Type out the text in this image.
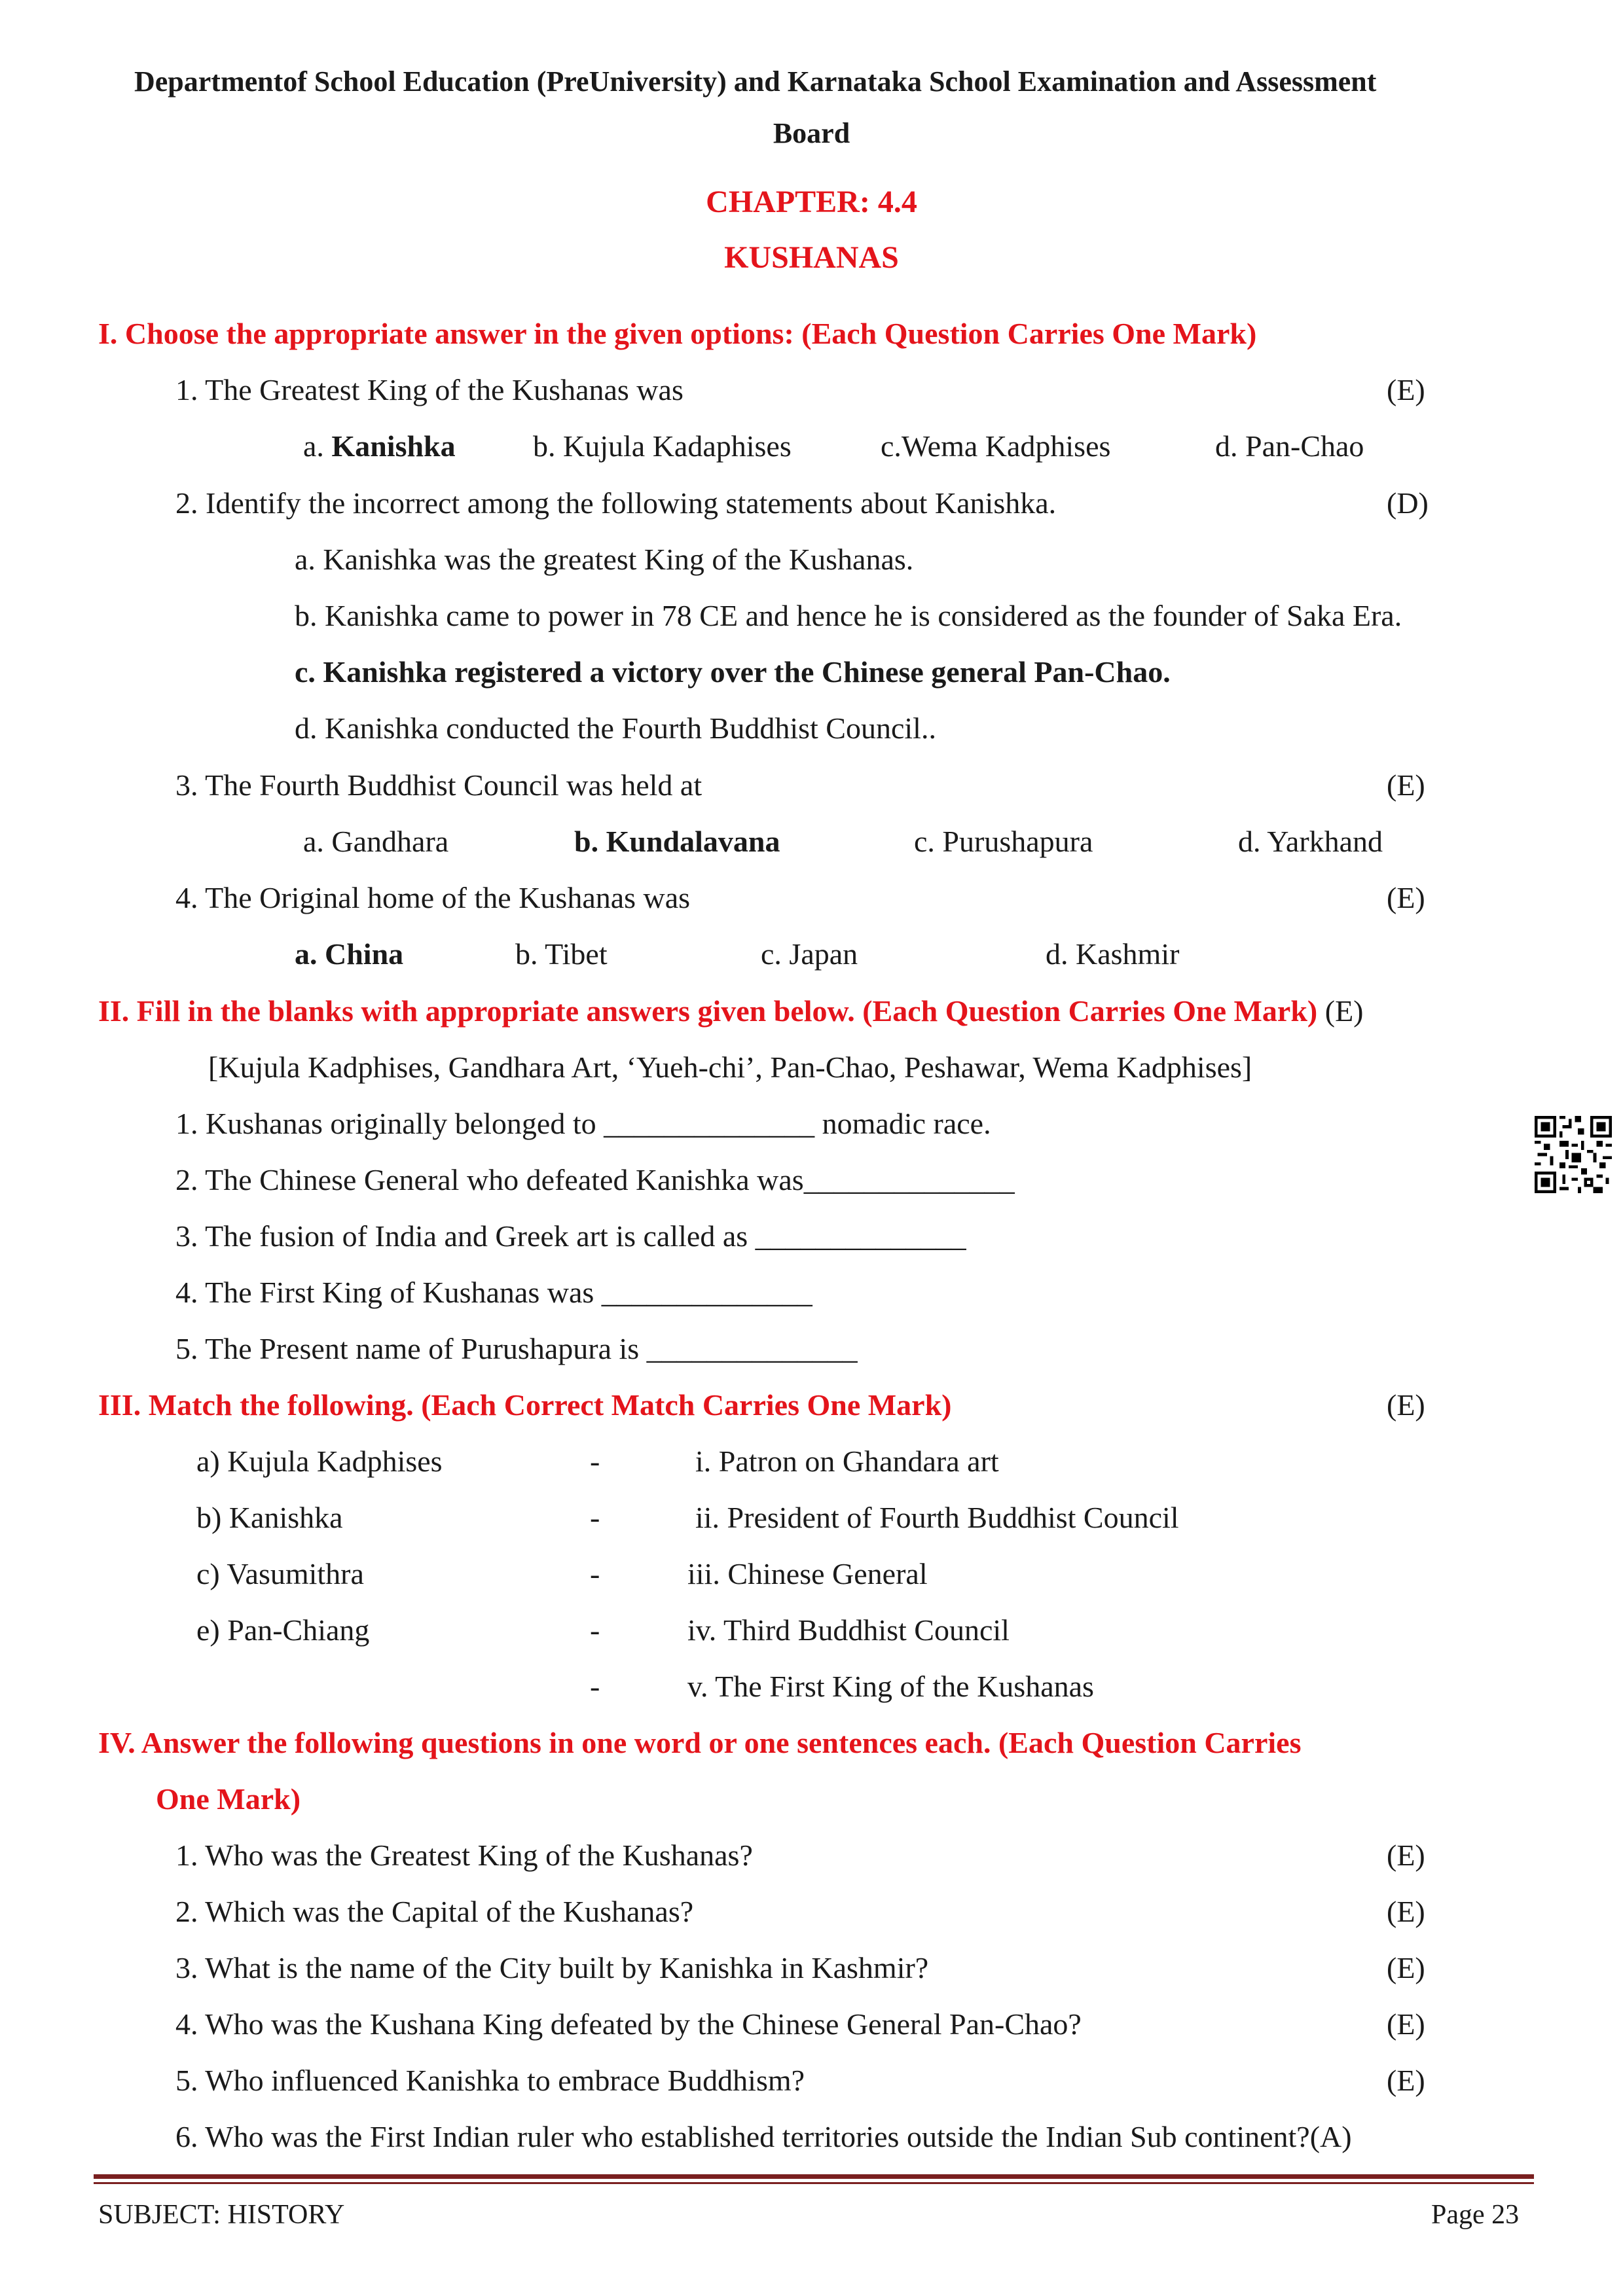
Departmentof School Education (PreUniversity) and Karnataka School Examination and Assessment
Board
CHAPTER: 4.4
KUSHANAS
I. Choose the appropriate answer in the given options: (Each Question Carries One Mark)
1. The Greatest King of the Kushanas was	(E)
a. Kanishka	b. Kujula Kadaphises	c.Wema Kadphises	d. Pan-Chao
2. Identify the incorrect among the following statements about Kanishka.	(D)
a. Kanishka was the greatest King of the Kushanas.
b. Kanishka came to power in 78 CE and hence he is considered as the founder of Saka Era.
c. Kanishka registered a victory over the Chinese general Pan-Chao.
d. Kanishka conducted the Fourth Buddhist Council..
3. The Fourth Buddhist Council was held at	(E)
a. Gandhara	b. Kundalavana	c. Purushapura	d. Yarkhand
4. The Original home of the Kushanas was	(E)
a. China	b. Tibet	c. Japan	d. Kashmir
II. Fill in the blanks with appropriate answers given below. (Each Question Carries One Mark) (E)
[Kujula Kadphises, Gandhara Art, ‘Yueh-chi’, Pan-Chao, Peshawar, Wema Kadphises]
1. Kushanas originally belonged to ______________ nomadic race.
2. The Chinese General who defeated Kanishka was______________
3. The fusion of India and Greek art is called as ______________
4. The First King of Kushanas was ______________
5. The Present name of Purushapura is ______________
III. Match the following. (Each Correct Match Carries One Mark)	(E)
a) Kujula Kadphises	-	i. Patron on Ghandara art
b) Kanishka	-	ii. President of Fourth Buddhist Council
c) Vasumithra	-	iii. Chinese General
e) Pan-Chiang	-	iv. Third Buddhist Council
-	v. The First King of the Kushanas
IV. Answer the following questions in one word or one sentences each. (Each Question Carries
One Mark)
1. Who was the Greatest King of the Kushanas?	(E)
2. Which was the Capital of the Kushanas?	(E)
3. What is the name of the City built by Kanishka in Kashmir?	(E)
4. Who was the Kushana King defeated by the Chinese General Pan-Chao?	(E)
5. Who influenced Kanishka to embrace Buddhism?	(E)
6. Who was the First Indian ruler who established territories outside the Indian Sub continent?(A)
SUBJECT: HISTORY	Page 23
